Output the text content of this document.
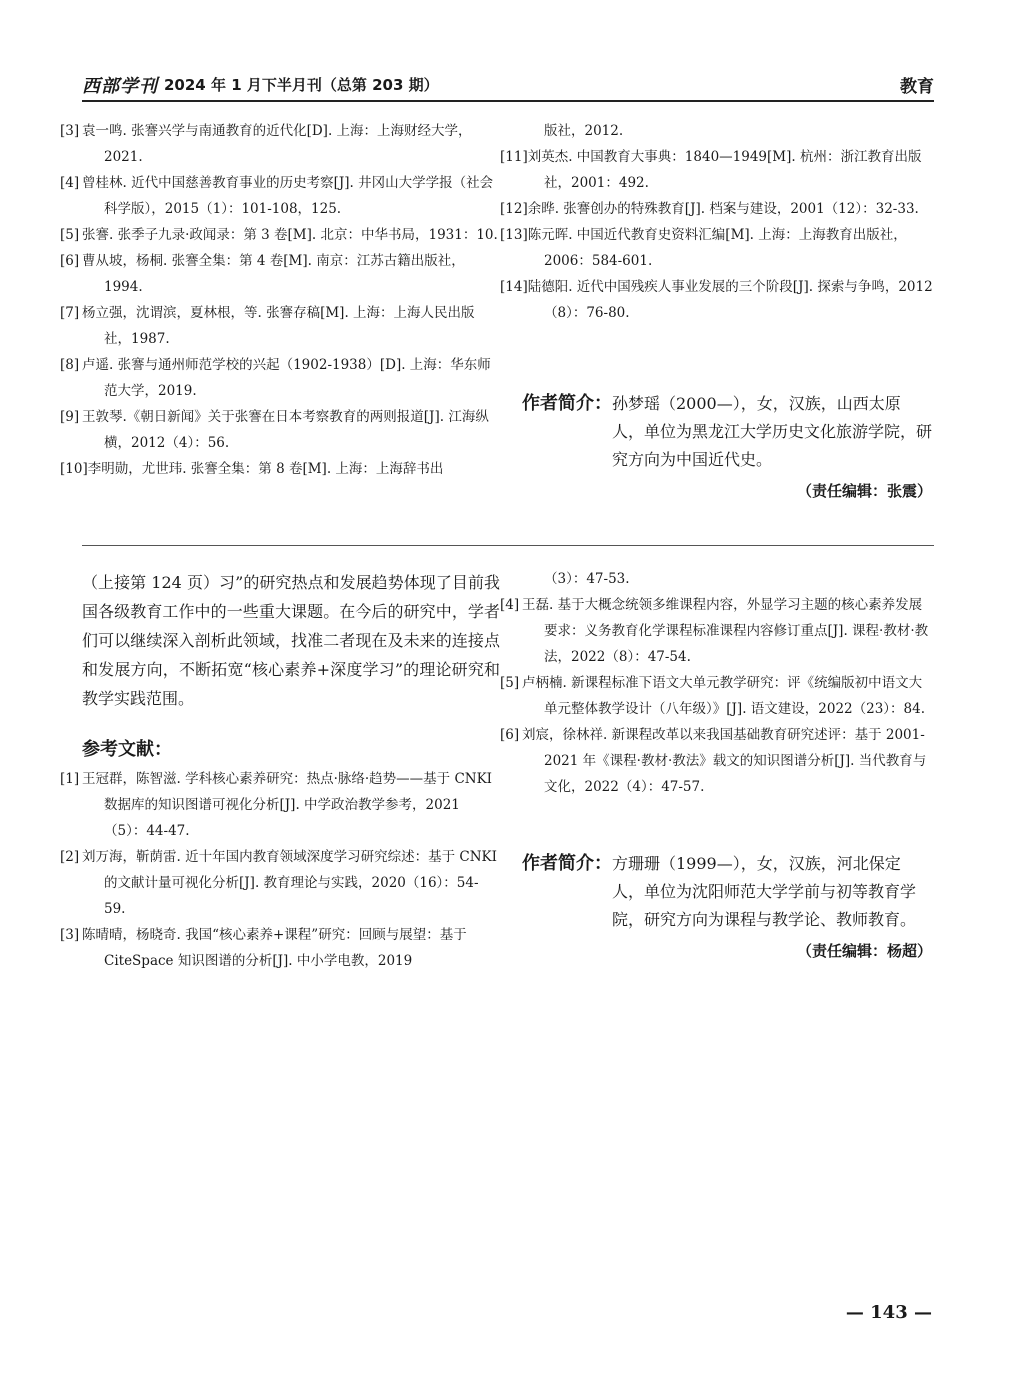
西部学刊 2024 年 1 月下半月刊（总第 203 期）	教育

[3] 袁一鸣. 张謇兴学与南通教育的近代化[D]. 上海：上海财经大学，2021.

[4] 曾桂林. 近代中国慈善教育事业的历史考察[J]. 井冈山大学学报（社会科学版），2015（1）：101-108，125.

[5] 张謇. 张季子九录·政闻录：第 3 卷[M]. 北京：中华书局，1931：10.

[6] 曹从坡，杨桐. 张謇全集：第 4 卷[M]. 南京：江苏古籍出版社，1994.

[7] 杨立强，沈谓滨，夏林根，等. 张謇存稿[M]. 上海：上海人民出版社，1987.

[8] 卢遥. 张謇与通州师范学校的兴起（1902-1938）[D]. 上海：华东师范大学，2019.

[9] 王敦琴.《朝日新闻》关于张謇在日本考察教育的两则报道[J]. 江海纵横，2012（4）：56.

[10]李明勋，尤世玮. 张謇全集：第 8 卷[M]. 上海：上海辞书出

版社，2012.

[11]刘英杰. 中国教育大事典：1840—1949[M]. 杭州：浙江教育出版社，2001：492.

[12]余晔. 张謇创办的特殊教育[J]. 档案与建设，2001（12）：32-33.

[13]陈元晖. 中国近代教育史资料汇编[M]. 上海：上海教育出版社，2006：584-601.

[14]陆德阳. 近代中国残疾人事业发展的三个阶段[J]. 探索与争鸣，2012（8）：76-80.

作者简介： 孙梦瑶（2000—），女，汉族，山西太原人，单位为黑龙江大学历史文化旅游学院，研究方向为中国近代史。
（责任编辑：张震）

（上接第 124 页）习”的研究热点和发展趋势体现了目前我国各级教育工作中的一些重大课题。在今后的研究中，学者们可以继续深入剖析此领域，找准二者现在及未来的连接点和发展方向，不断拓宽“核心素养+深度学习”的理论研究和教学实践范围。

参考文献：

[1] 王冠群，陈智滋. 学科核心素养研究：热点·脉络·趋势——基于 CNKI 数据库的知识图谱可视化分析[J]. 中学政治教学参考，2021（5）：44-47.

[2] 刘万海，靳荫雷. 近十年国内教育领域深度学习研究综述：基于 CNKI 的文献计量可视化分析[J]. 教育理论与实践，2020（16）：54-59.

[3] 陈晴晴，杨晓奇. 我国“核心素养+课程”研究：回顾与展望：基于 CiteSpace 知识图谱的分析[J]. 中小学电教，2019

（3）：47-53.

[4] 王磊. 基于大概念统领多维课程内容，外显学习主题的核心素养发展要求：义务教育化学课程标准课程内容修订重点[J]. 课程·教材·教法，2022（8）：47-54.

[5] 卢柄楠. 新课程标准下语文大单元教学研究：评《统编版初中语文大单元整体教学设计（八年级）》[J]. 语文建设，2022（23）：84.

[6] 刘宸，徐林祥. 新课程改革以来我国基础教育研究述评：基于 2001-2021 年《课程·教材·教法》载文的知识图谱分析[J]. 当代教育与文化，2022（4）：47-57.

作者简介： 方珊珊（1999—），女，汉族，河北保定人，单位为沈阳师范大学学前与初等教育学院，研究方向为课程与教学论、教师教育。
（责任编辑：杨超）
— 143 —
